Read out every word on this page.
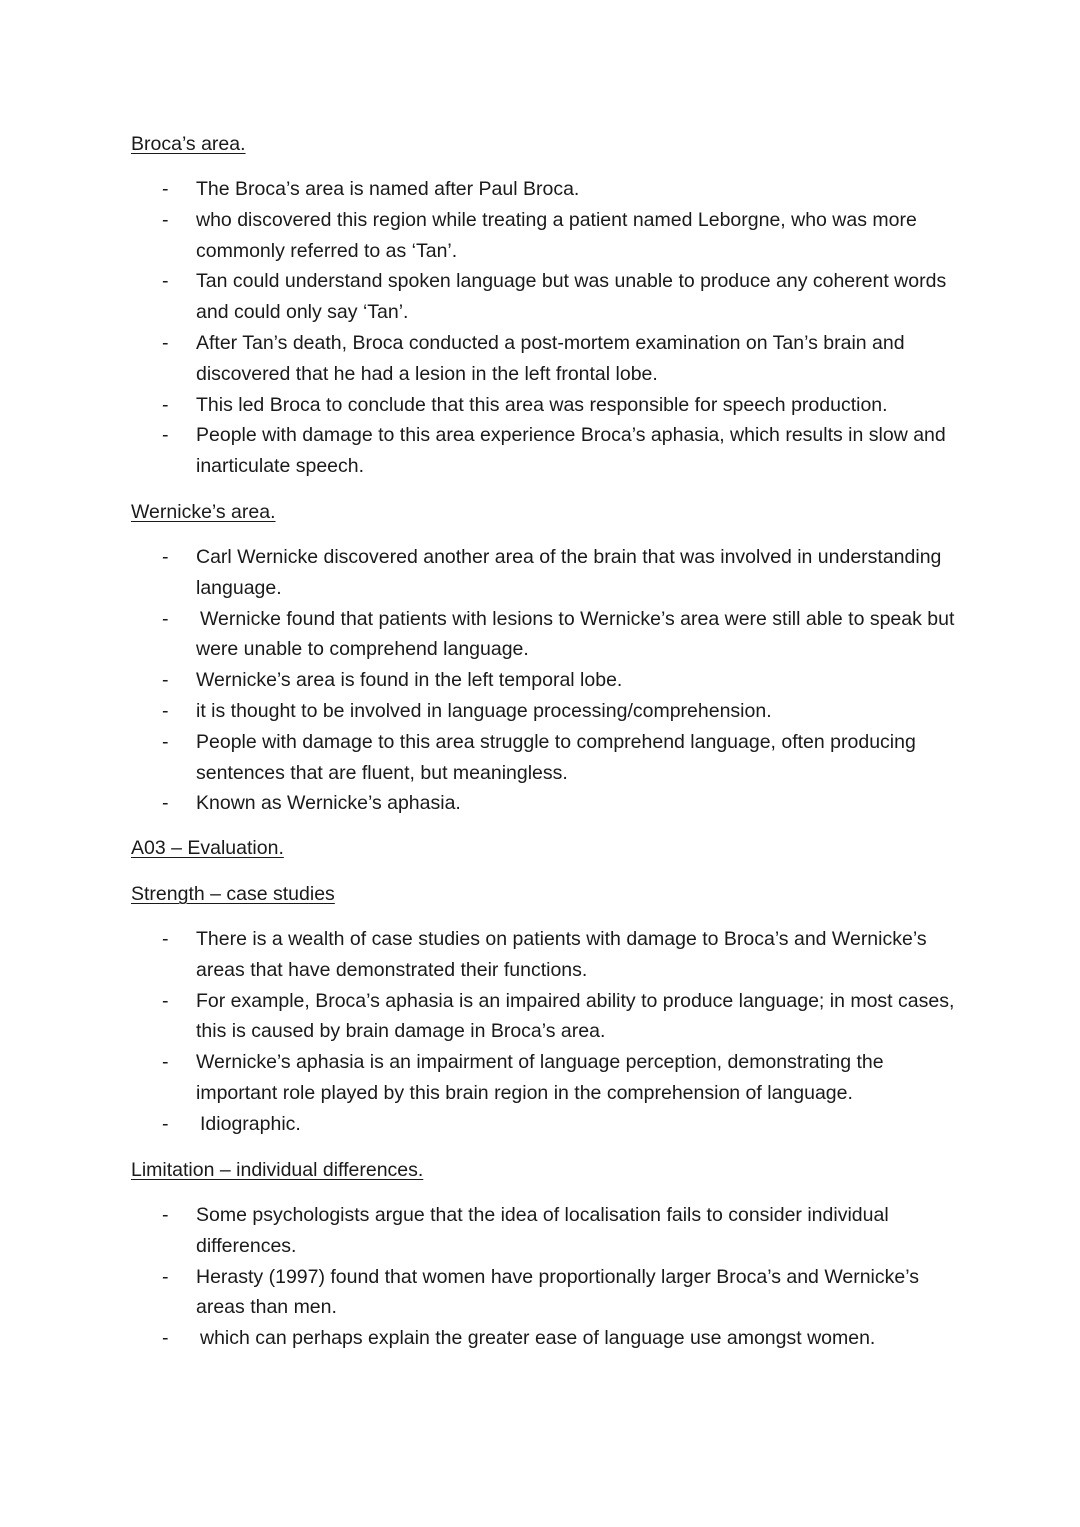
Broca’s area.
- The Broca’s area is named after Paul Broca.
- who discovered this region while treating a patient named Leborgne, who was more commonly referred to as ‘Tan’.
- Tan could understand spoken language but was unable to produce any coherent words and could only say ‘Tan’.
- After Tan’s death, Broca conducted a post-mortem examination on Tan’s brain and discovered that he had a lesion in the left frontal lobe.
- This led Broca to conclude that this area was responsible for speech production.
- People with damage to this area experience Broca’s aphasia, which results in slow and inarticulate speech.
Wernicke’s area.
- Carl Wernicke discovered another area of the brain that was involved in understanding language.
- Wernicke found that patients with lesions to Wernicke’s area were still able to speak but were unable to comprehend language.
- Wernicke’s area is found in the left temporal lobe.
- it is thought to be involved in language processing/comprehension.
- People with damage to this area struggle to comprehend language, often producing sentences that are fluent, but meaningless.
- Known as Wernicke’s aphasia.
A03 – Evaluation.
Strength – case studies
- There is a wealth of case studies on patients with damage to Broca’s and Wernicke’s areas that have demonstrated their functions.
- For example, Broca’s aphasia is an impaired ability to produce language; in most cases, this is caused by brain damage in Broca’s area.
- Wernicke’s aphasia is an impairment of language perception, demonstrating the important role played by this brain region in the comprehension of language.
- Idiographic.
Limitation – individual differences.
- Some psychologists argue that the idea of localisation fails to consider individual differences.
- Herasty (1997) found that women have proportionally larger Broca’s and Wernicke’s areas than men.
- which can perhaps explain the greater ease of language use amongst women.
